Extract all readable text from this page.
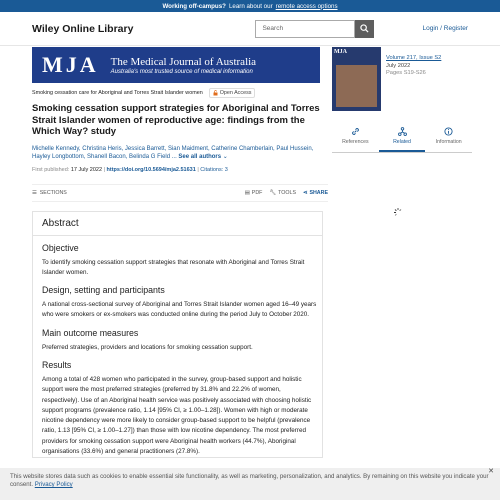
Working off-campus? Learn about our remote access options
Wiley Online Library	Search	Login / Register
MJA The Medical Journal of Australia
Australia's most trusted source of medical information
Smoking cessation care for Aboriginal and Torres Strait Islander women	Open Access
Smoking cessation support strategies for Aboriginal and Torres Strait Islander women of reproductive age: findings from the Which Way? study
Michelle Kennedy, Christina Heris, Jessica Barrett, Sian Maidment, Catherine Chamberlain, Paul Hussein, Hayley Longbottom, Shanell Bacon, Belinda G Field ... See all authors ⌄
First published: 17 July 2022 | https://doi.org/10.5694/mja2.51631 | Citations: 3
☰ SECTIONS	▤ PDF 🔧︎ TOOLS ⋖ SHARE
Abstract
Objective

To identify smoking cessation support strategies that resonate with Aboriginal and Torres Strait Islander women.

Design, setting and participants

A national cross-sectional survey of Aboriginal and Torres Strait Islander women aged 16–49 years who were smokers or ex-smokers was conducted online during the period July to October 2020.

Main outcome measures

Preferred strategies, providers and locations for smoking cessation support.

Results

Among a total of 428 women who participated in the survey, group-based support and holistic support were the most preferred strategies (preferred by 31.8% and 22.2% of women, respectively). Use of an Aboriginal health service was positively associated with choosing holistic support programs (prevalence ratio, 1.14 [95% CI, ≥ 1.00–1.28]). Women with high or moderate nicotine dependency were more likely to consider group-based support to be helpful (prevalence ratio, 1.13 [95% CI, ≥ 1.00–1.27]) than those with low nicotine dependency. The most preferred providers for smoking cessation support were Aboriginal health workers (44.7%), Aboriginal organisations (33.6%) and general practitioners (27.8%).

MJA
Volume 217, Issue S2
July 2022
Pages S19-S26
References	Related	Information
This website stores data such as cookies to enable essential site functionality, as well as marketing, personalization, and analytics. By remaining on this website you indicate your consent. Privacy Policy
✕
